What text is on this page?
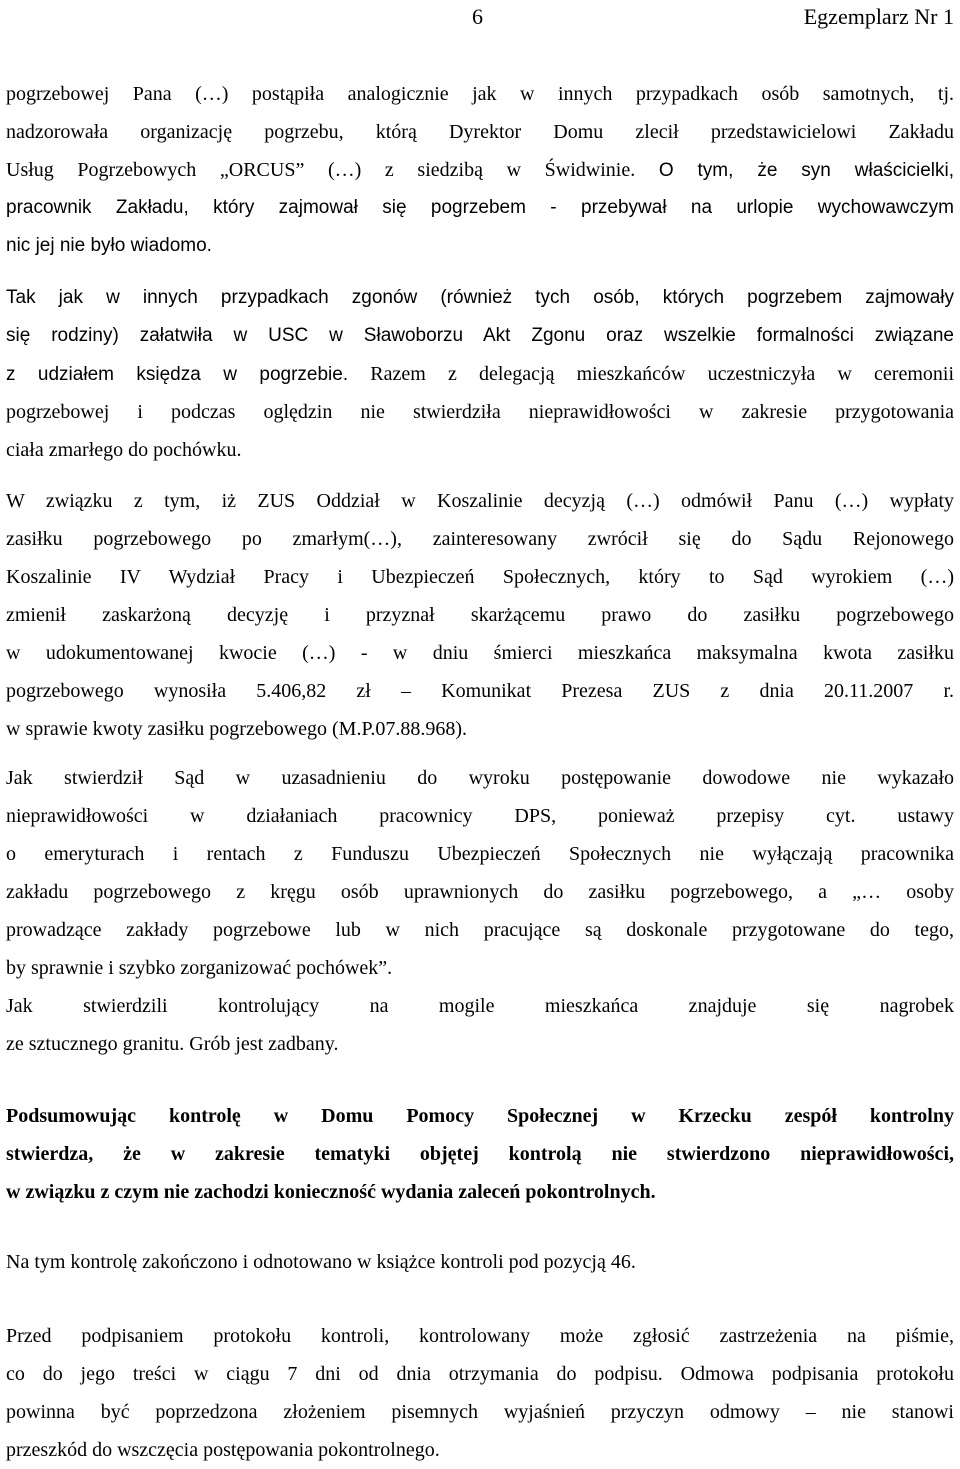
6	Egzemplarz Nr 1
pogrzebowej Pana (…) postąpiła analogicznie jak w innych przypadkach osób samotnych, tj.
nadzorowała organizację pogrzebu, którą Dyrektor Domu zlecił przedstawicielowi Zakładu
Usług Pogrzebowych „ORCUS” (…) z siedzibą w Świdwinie. O tym, że syn właścicielki,
pracownik Zakładu, który zajmował się pogrzebem - przebywał na urlopie wychowawczym
nic jej nie było wiadomo.
Tak jak w innych przypadkach zgonów (również tych osób, których pogrzebem zajmowały
się rodziny) załatwiła w USC w Sławoborzu Akt Zgonu oraz wszelkie formalności związane
z udziałem księdza w pogrzebie. Razem z delegacją mieszkańców uczestniczyła w ceremonii
pogrzebowej i podczas oględzin nie stwierdziła nieprawidłowości w zakresie przygotowania
ciała zmarłego do pochówku.
W związku z tym, iż ZUS Oddział w Koszalinie decyzją (…) odmówił Panu (…) wypłaty
zasiłku pogrzebowego po zmarłym(…), zainteresowany zwrócił się do Sądu Rejonowego
Koszalinie IV Wydział Pracy i Ubezpieczeń Społecznych, który to Sąd wyrokiem (…)
zmienił zaskarżoną decyzję i przyznał skarżącemu prawo do zasiłku pogrzebowego
w udokumentowanej kwocie (…) - w dniu śmierci mieszkańca maksymalna kwota zasiłku
pogrzebowego wynosiła 5.406,82 zł – Komunikat Prezesa ZUS z dnia 20.11.2007 r.
w sprawie kwoty zasiłku pogrzebowego (M.P.07.88.968).
Jak stwierdził Sąd w uzasadnieniu do wyroku postępowanie dowodowe nie wykazało
nieprawidłowości w działaniach pracownicy DPS, ponieważ przepisy cyt. ustawy
o emeryturach i rentach z Funduszu Ubezpieczeń Społecznych nie wyłączają pracownika
zakładu pogrzebowego z kręgu osób uprawnionych do zasiłku pogrzebowego, a „… osoby
prowadzące zakłady pogrzebowe lub w nich pracujące są doskonale przygotowane do tego,
by sprawnie i szybko zorganizować pochówek”.
Jak stwierdzili kontrolujący na mogile mieszkańca znajduje się nagrobek
ze sztucznego granitu. Grób jest zadbany.
Podsumowując kontrolę w Domu Pomocy Społecznej w Krzecku zespół kontrolny
stwierdza, że w zakresie tematyki objętej kontrolą nie stwierdzono nieprawidłowości,
w związku z czym nie zachodzi konieczność wydania zaleceń pokontrolnych.
Na tym kontrolę zakończono i odnotowano w książce kontroli pod pozycją 46.
Przed podpisaniem protokołu kontroli, kontrolowany może zgłosić zastrzeżenia na piśmie,
co do jego treści w ciągu 7 dni od dnia otrzymania do podpisu. Odmowa podpisania protokołu
powinna być poprzedzona złożeniem pisemnych wyjaśnień przyczyn odmowy – nie stanowi
przeszkód do wszczęcia postępowania pokontrolnego.
